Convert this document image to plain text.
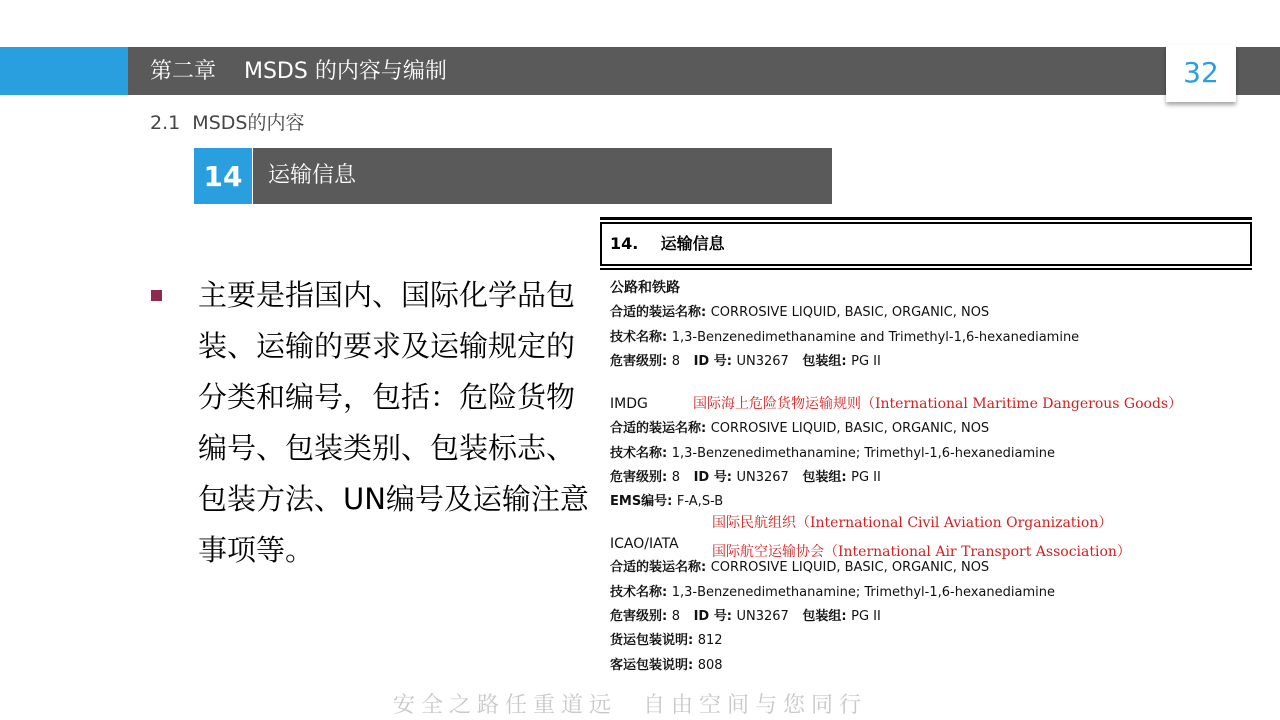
第二章    MSDS 的内容与编制	32
2.1  MSDS的内容
14	运输信息
主要是指国内、国际化学品包装、运输的要求及运输规定的分类和编号，包括：危险货物编号、包装类别、包装标志、包装方法、UN编号及运输注意事项等。
14.    运输信息
公路和铁路
合适的装运名称: CORROSIVE LIQUID, BASIC, ORGANIC, NOS
技术名称: 1,3-Benzenedimethanamine and Trimethyl-1,6-hexanediamine
危害级别: 8   ID 号: UN3267   包装组: PG II
IMDG	国际海上危险货物运输规则（International Maritime Dangerous Goods）
合适的装运名称: CORROSIVE LIQUID, BASIC, ORGANIC, NOS
技术名称: 1,3-Benzenedimethanamine; Trimethyl-1,6-hexanediamine
危害级别: 8   ID 号: UN3267   包装组: PG II
EMS编号: F-A,S-B
国际民航组织（International Civil Aviation Organization）
ICAO/IATA 国际航空运输协会（International Air Transport Association）
合适的装运名称: CORROSIVE LIQUID, BASIC, ORGANIC, NOS
技术名称: 1,3-Benzenedimethanamine; Trimethyl-1,6-hexanediamine
危害级别: 8   ID 号: UN3267   包装组: PG II
货运包装说明: 812
客运包装说明: 808
安全之路任重道远  自由空间与您同行
